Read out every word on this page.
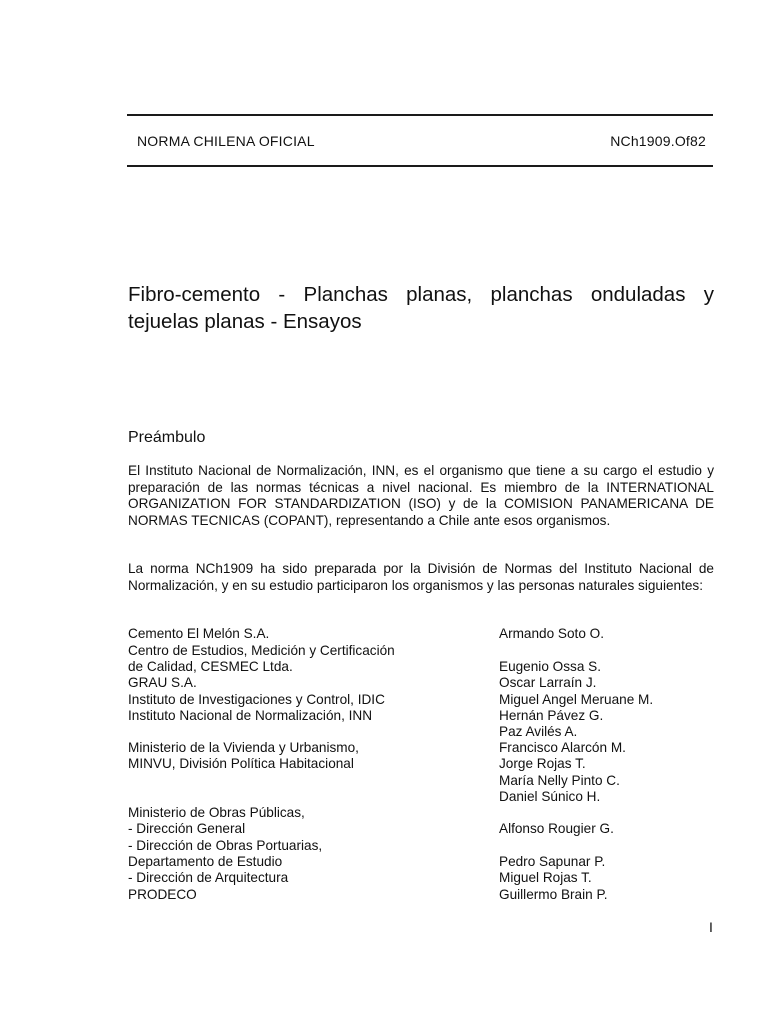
NORMA CHILENA OFICIAL	NCh1909.Of82
Fibro-cemento - Planchas planas, planchas onduladas y tejuelas planas - Ensayos
Preámbulo
El Instituto Nacional de Normalización, INN, es el organismo que tiene a su cargo el estudio y preparación de las normas técnicas a nivel nacional. Es miembro de la INTERNATIONAL ORGANIZATION FOR STANDARDIZATION (ISO) y de la COMISION PANAMERICANA DE NORMAS TECNICAS (COPANT), representando a Chile ante esos organismos.
La norma NCh1909 ha sido preparada por la División de Normas del Instituto Nacional de Normalización, y en su estudio participaron los organismos y las personas naturales siguientes:
Cemento El Melón S.A.
Centro de Estudios, Medición y Certificación
de Calidad, CESMEC Ltda.
GRAU S.A.
Instituto de Investigaciones y Control, IDIC
Instituto Nacional de Normalización, INN
Ministerio de la Vivienda y Urbanismo,
MINVU, División Política Habitacional
Ministerio de Obras Públicas,
- Dirección General
- Dirección de Obras Portuarias,
Departamento de Estudio
- Dirección de Arquitectura
PRODECO
Armando Soto O.
Eugenio Ossa S.
Oscar Larraín J.
Miguel Angel Meruane M.
Hernán Pávez G.
Paz Avilés A.
Francisco Alarcón M.
Jorge Rojas T.
María Nelly Pinto C.
Daniel Súnico H.
Alfonso Rougier G.
Pedro Sapunar P.
Miguel Rojas T.
Guillermo Brain P.
I
